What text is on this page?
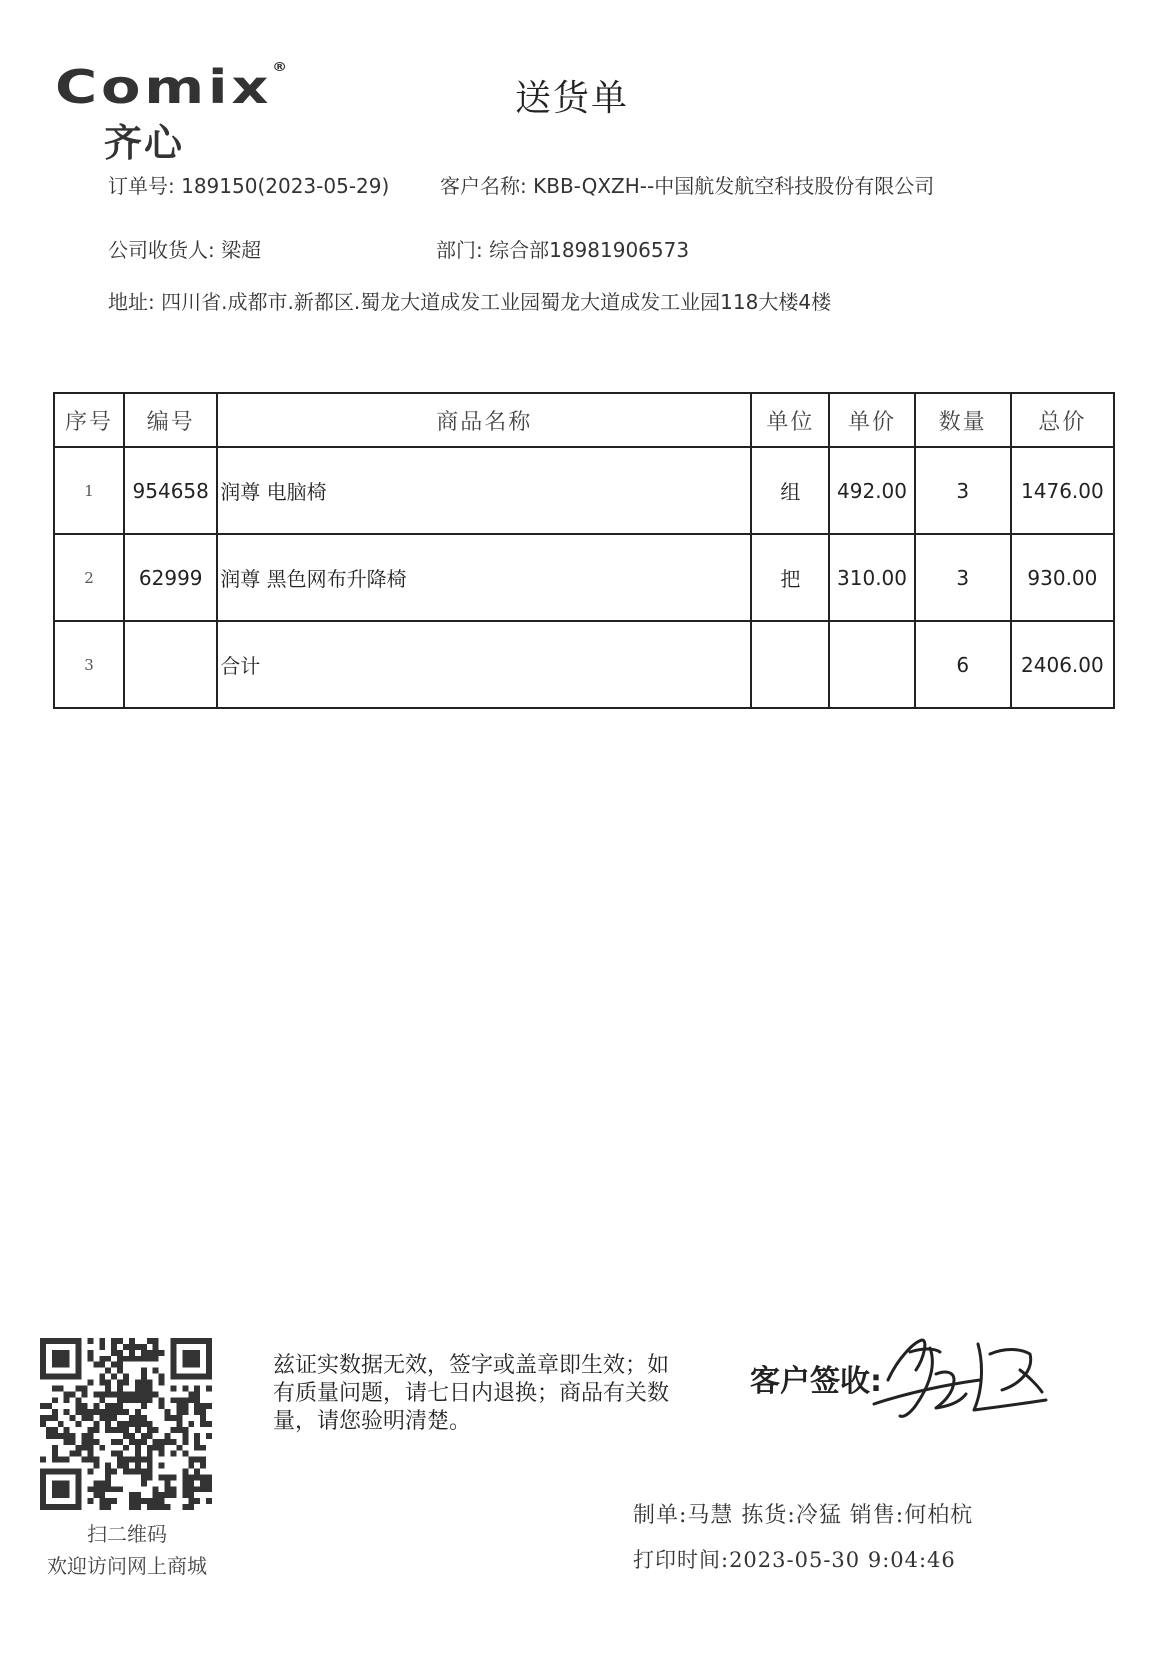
Comix®
齐心
送货单
订单号: 189150(2023-05-29)	客户名称: KBB-QXZH--中国航发航空科技股份有限公司
公司收货人: 梁超	部门: 综合部18981906573
地址: 四川省.成都市.新都区.蜀龙大道成发工业园蜀龙大道成发工业园118大楼4楼
序号	编号	商品名称	单位	单价	数量	总价
1	954658	润尊 电脑椅	组	492.00	3	1476.00
2	62999	润尊 黑色网布升降椅	把	310.00	3	930.00
3		合计			6	2406.00
扫二维码
欢迎访问网上商城
兹证实数据无效，签字或盖章即生效；如有质量问题，请七日内退换；商品有关数量，请您验明清楚。
客户签收:
制单:马慧 拣货:冷猛 销售:何柏杭
打印时间:2023-05-30 9:04:46
